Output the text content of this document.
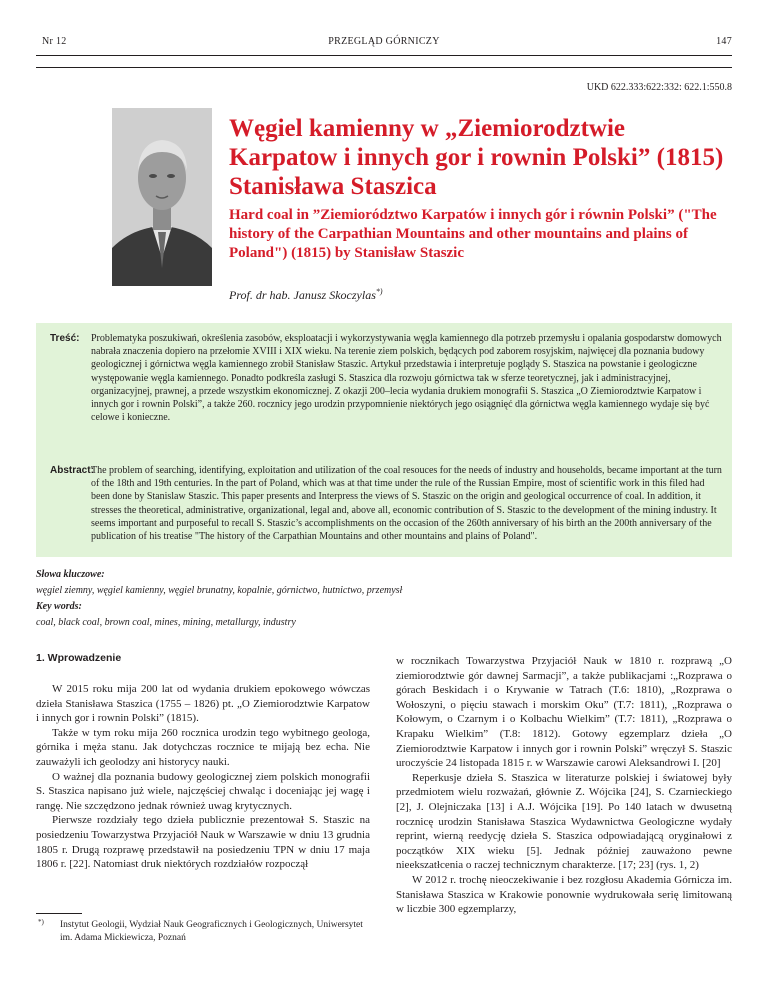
Nr 12	PRZEGLĄD GÓRNICZY	147
UKD 622.333:622:332: 622.1:550.8
Węgiel kamienny w „Ziemiorodztwie Karpatow i innych gor i rownin Polski” (1815) Stanisława Staszica
Hard coal in ”Ziemiorództwo Karpatów i innych gór i równin Polski” ("The history of the Carpathian Mountains and other mountains and plains of Poland") (1815) by Stanisław Staszic
Prof. dr hab. Janusz Skoczylas*)
Treść: Problematyka poszukiwań, określenia zasobów, eksploatacji i wykorzystywania węgla kamiennego dla potrzeb przemysłu i opalania gospodarstw domowych nabrała znaczenia dopiero na przełomie XVIII i XIX wieku. Na terenie ziem polskich, będących pod zaborem rosyjskim, najwięcej dla poznania budowy geologicznej i górnictwa węgla kamiennego zrobił Stanisław Staszic. Artykuł przedstawia i interpretuje poglądy S. Staszica na powstanie i geologiczne występowanie węgla kamiennego. Ponadto podkreśla zasługi S. Staszica dla rozwoju górnictwa tak w sferze teoretycznej, jak i administracyjnej, organizacyjnej, prawnej, a przede wszystkim ekonomicznej. Z okazji 200–lecia wydania drukiem monografii S. Staszica „O Ziemiorodztwie Karpatow i innych gor i rownin Polski”, a także 260. rocznicy jego urodzin przypomnienie niektórych jego osiągnięć dla górnictwa węgla kamiennego wydaje się być celowe i konieczne.

Abstract:

The problem of searching, identifying, exploitation and utilization of the coal resouces for the needs of industry and households, became important at the turn of the 18th and 19th centuries. In the part of Poland, which was at that time under the rule of the Russian Empire, most of scientific work in this filed had been done by Stanislaw Staszic. This paper presents and Interpress the views of S. Staszic on the origin and geological occurrence of coal. In addition, it stresses the theoretical, administrative, organizational, legal and, above all, economic contribution of S. Staszic to the development of the mining industry. It seems important and purposeful to recall S. Staszic’s accomplishments on the occasion of the 260th anniversary of his birth an the 200th anniversary of the publication of his treatise "The history of the Carpathian Mountains and other mountains and plains of Poland".

Słowa kluczowe:
węgiel ziemny, węgiel kamienny, węgiel brunatny, kopalnie, górnictwo, hutnictwo, przemysł
Key words:
coal, black coal, brown coal, mines, mining, metallurgy, industry
1. Wprowadzenie

W 2015 roku mija 200 lat od wydania drukiem epokowego wówczas dzieła Stanisława Staszica (1755 – 1826) pt. „O Ziemiorodztwie Karpatow i innych gor i rownin Polski” (1815).

Także w tym roku mija 260 rocznica urodzin tego wybitnego geologa, górnika i męża stanu. Jak dotychczas rocznice te mijają bez echa. Nie zauważyli ich geolodzy ani historycy nauki.

O ważnej dla poznania budowy geologicznej ziem polskich monografii S. Staszica napisano już wiele, najczęściej chwaląc i doceniając jej wagę i rangę. Nie szczędzono jednak również uwag krytycznych.

Pierwsze rozdziały tego dzieła publicznie prezentował S. Staszic na posiedzeniu Towarzystwa Przyjaciół Nauk w Warszawie w dniu 13 grudnia 1805 r. Drugą rozprawę przedstawił na posiedzeniu TPN w dniu 17 maja 1806 r. [22]. Natomiast druk niektórych rozdziałów rozpoczął

w rocznikach Towarzystwa Przyjaciół Nauk w 1810 r. rozprawą „O ziemiorodztwie gór dawnej Sarmacji”, a także publikacjami :„Rozprawa o górach Beskidach i o Krywanie w Tatrach (T.6: 1810), „Rozprawa o Wołoszyni, o pięciu stawach i morskim Oku” (T.7: 1811), „Rozprawa o Kołowym, o Czarnym i o Kolbachu Wielkim” (T.7: 1811), „Rozprawa o Krapaku Wielkim” (T.8: 1812). Gotowy egzemplarz dzieła „O Ziemiorodztwie Karpatow i innych gor i rownin Polski” wręczył S. Staszic uroczyście 24 listopada 1815 r. w Warszawie carowi Aleksandrowi I. [20]

Reperkusje dzieła S. Staszica w literaturze polskiej i światowej były przedmiotem wielu rozważań, głównie Z. Wójcika [24], S. Czarnieckiego [2], J. Olejniczaka [13] i A.J. Wójcika [19]. Po 140 latach w dwusetną rocznicę urodzin Stanisława Staszica Wydawnictwa Geologiczne wydały reprint, wierną reedycję dzieła S. Staszica odpowiadającą oryginałowi z początków XIX wieku [5]. Jednak później zauważono pewne nieekszatłcenia o raczej technicznym charakterze. [17; 23] (rys. 1, 2)

W 2012 r. trochę nieoczekiwanie i bez rozgłosu Akademia Górnicza im. Stanisława Staszica w Krakowie ponownie wydrukowała serię limitowaną w liczbie 300 egzemplarzy,

*) Instytut Geologii, Wydział Nauk Geograficznych i Geologicznych, Uniwersytet im. Adama Mickiewicza, Poznań
